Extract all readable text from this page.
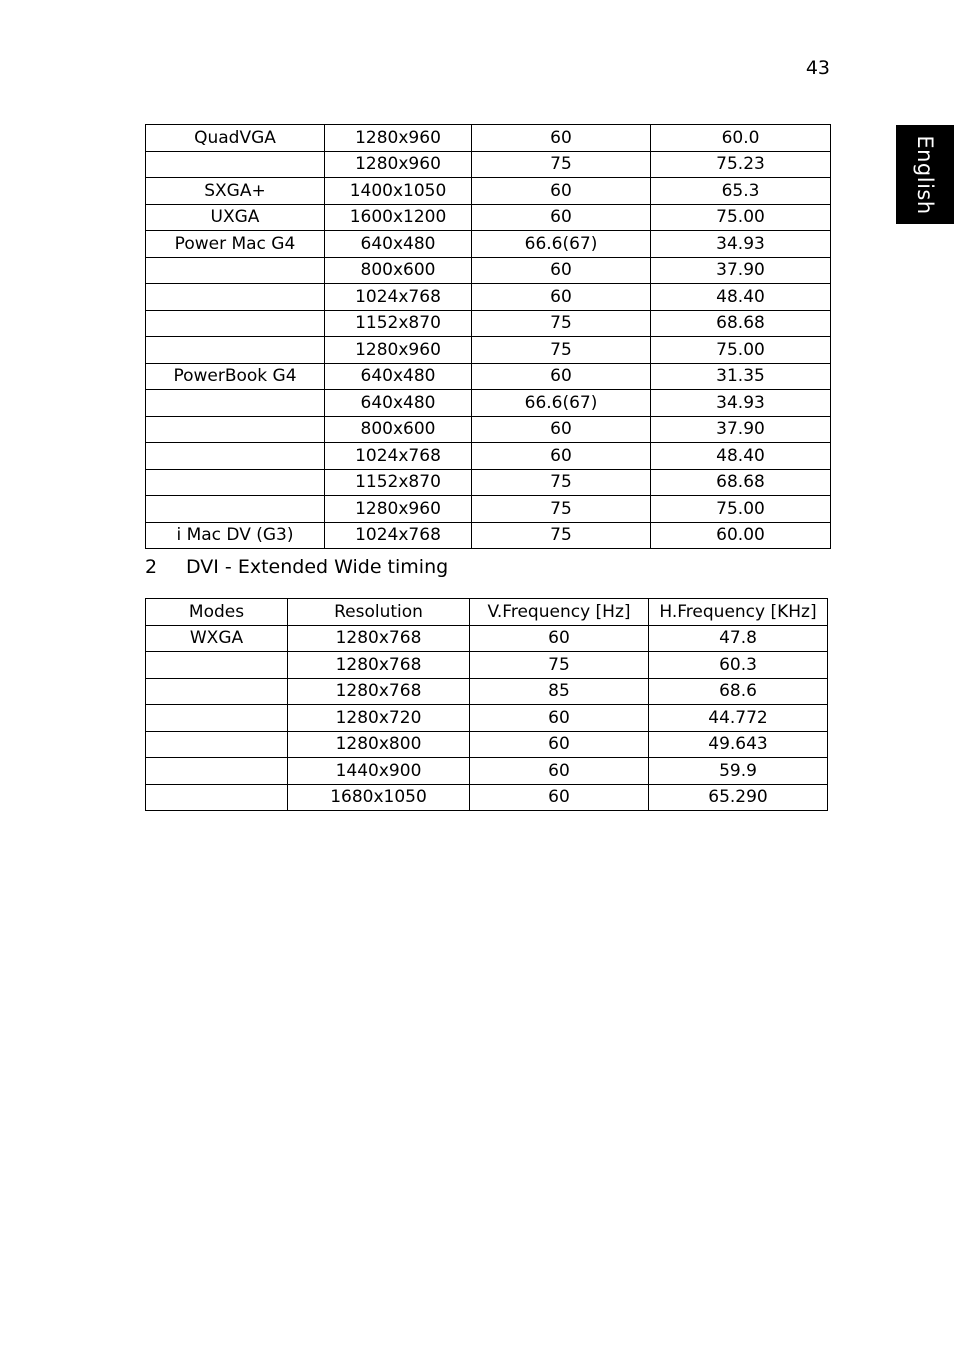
43
English
QuadVGA	1280x960	60	60.0
	1280x960	75	75.23
SXGA+	1400x1050	60	65.3
UXGA	1600x1200	60	75.00
Power Mac G4	640x480	66.6(67)	34.93
	800x600	60	37.90
	1024x768	60	48.40
	1152x870	75	68.68
	1280x960	75	75.00
PowerBook G4	640x480	60	31.35
	640x480	66.6(67)	34.93
	800x600	60	37.90
	1024x768	60	48.40
	1152x870	75	68.68
	1280x960	75	75.00
i Mac DV (G3)	1024x768	75	60.00
2 DVI - Extended Wide timing
Modes	Resolution	V.Frequency [Hz]	H.Frequency [KHz]
WXGA	1280x768	60	47.8
	1280x768	75	60.3
	1280x768	85	68.6
	1280x720	60	44.772
	1280x800	60	49.643
	1440x900	60	59.9
	1680x1050	60	65.290
